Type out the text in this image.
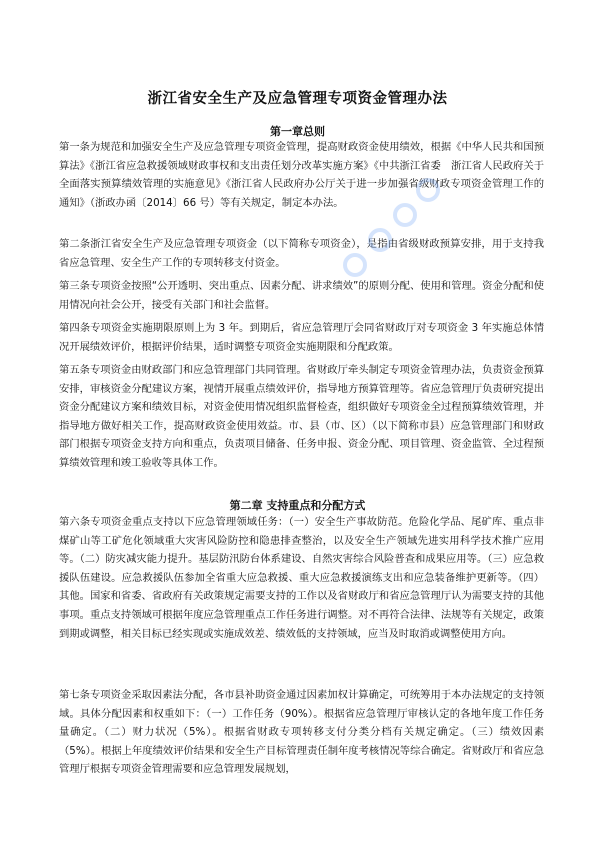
浙江省安全生产及应急管理专项资金管理办法
第一章总则

第一条为规范和加强安全生产及应急管理专项资金管理，提高财政资金使用绩效，根据《中华人民共和国预算法》《浙江省应急救援领域财政事权和支出责任划分改革实施方案》《中共浙江省委　浙江省人民政府关于全面落实预算绩效管理的实施意见》《浙江省人民政府办公厅关于进一步加强省级财政专项资金管理工作的通知》（浙政办函〔2014〕66 号）等有关规定，制定本办法。

第二条浙江省安全生产及应急管理专项资金（以下简称专项资金），是指由省级财政预算安排，用于支持我省应急管理、安全生产工作的专项转移支付资金。

第三条专项资金按照“公开透明、突出重点、因素分配、讲求绩效”的原则分配、使用和管理。资金分配和使用情况向社会公开，接受有关部门和社会监督。

第四条专项资金实施期限原则上为 3 年。到期后，省应急管理厅会同省财政厅对专项资金 3 年实施总体情况开展绩效评价，根据评价结果，适时调整专项资金实施期限和分配政策。

第五条专项资金由财政部门和应急管理部门共同管理。省财政厅牵头制定专项资金管理办法，负责资金预算安排，审核资金分配建议方案，视情开展重点绩效评价，指导地方预算管理等。省应急管理厅负责研究提出资金分配建议方案和绩效目标，对资金使用情况组织监督检查，组织做好专项资金全过程预算绩效管理，并指导地方做好相关工作，提高财政资金使用效益。市、县（市、区）（以下简称市县）应急管理部门和财政部门根据专项资金支持方向和重点，负责项目储备、任务申报、资金分配、项目管理、资金监管、全过程预算绩效管理和竣工验收等具体工作。

第二章 支持重点和分配方式

第六条专项资金重点支持以下应急管理领域任务：（一）安全生产事故防范。危险化学品、尾矿库、重点非煤矿山等工矿危化领域重大灾害风险防控和隐患排查整治，以及安全生产领域先进实用科学技术推广应用等。（二）防灾减灾能力提升。基层防汛防台体系建设、自然灾害综合风险普查和成果应用等。（三）应急救援队伍建设。应急救援队伍参加全省重大应急救援、重大应急救援演练支出和应急装备维护更新等。（四）其他。国家和省委、省政府有关政策规定需要支持的工作以及省财政厅和省应急管理厅认为需要支持的其他事项。重点支持领域可根据年度应急管理重点工作任务进行调整。对不再符合法律、法规等有关规定，政策到期或调整，相关目标已经实现或实施成效差、绩效低的支持领域，应当及时取消或调整使用方向。

第七条专项资金采取因素法分配，各市县补助资金通过因素加权计算确定，可统筹用于本办法规定的支持领域。具体分配因素和权重如下：（一）工作任务（90%）。根据省应急管理厅审核认定的各地年度工作任务量确定。（二）财力状况（5%）。根据省财政专项转移支付分类分档有关规定确定。（三）绩效因素（5%）。根据上年度绩效评价结果和安全生产目标管理责任制年度考核情况等综合确定。省财政厅和省应急管理厅根据专项资金管理需要和应急管理发展规划，
